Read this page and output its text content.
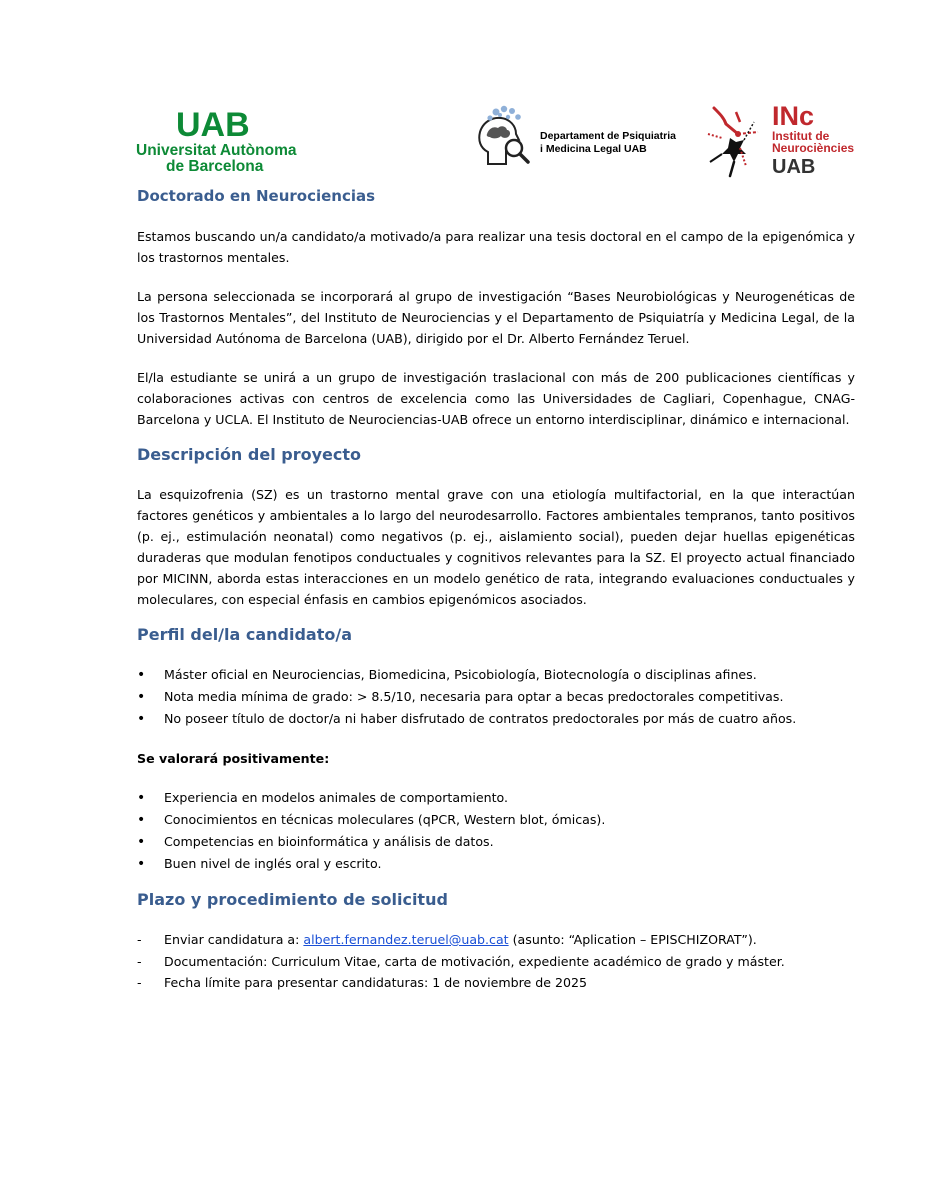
UAB
Universitat Autònoma
de Barcelona
Departament de Psiquiatria
i Medicina Legal UAB
INc
Institut de
Neurociències
UAB
Doctorado en Neurociencias

Estamos buscando un/a candidato/a motivado/a para realizar una tesis doctoral en el campo de la epigenómica y los trastornos mentales.

La persona seleccionada se incorporará al grupo de investigación “Bases Neurobiológicas y Neurogenéticas de los Trastornos Mentales”, del Instituto de Neurociencias y el Departamento de Psiquiatría y Medicina Legal, de la Universidad Autónoma de Barcelona (UAB), dirigido por el Dr. Alberto Fernández Teruel.

El/la estudiante se unirá a un grupo de investigación traslacional con más de 200 publicaciones científicas y colaboraciones activas con centros de excelencia como las Universidades de Cagliari, Copenhague, CNAG-Barcelona y UCLA. El Instituto de Neurociencias-UAB ofrece un entorno interdisciplinar, dinámico e internacional.

Descripción del proyecto

La esquizofrenia (SZ) es un trastorno mental grave con una etiología multifactorial, en la que interactúan factores genéticos y ambientales a lo largo del neurodesarrollo. Factores ambientales tempranos, tanto positivos (p. ej., estimulación neonatal) como negativos (p. ej., aislamiento social), pueden dejar huellas epigenéticas duraderas que modulan fenotipos conductuales y cognitivos relevantes para la SZ. El proyecto actual financiado por MICINN, aborda estas interacciones en un modelo genético de rata, integrando evaluaciones conductuales y moleculares, con especial énfasis en cambios epigenómicos asociados.

Perfil del/la candidato/a
• Máster oficial en Neurociencias, Biomedicina, Psicobiología, Biotecnología o disciplinas afines.
• Nota media mínima de grado: > 8.5/10, necesaria para optar a becas predoctorales competitivas.
• No poseer título de doctor/a ni haber disfrutado de contratos predoctorales por más de cuatro años.

Se valorará positivamente:

• Experiencia en modelos animales de comportamiento.
• Conocimientos en técnicas moleculares (qPCR, Western blot, ómicas).
• Competencias en bioinformática y análisis de datos.
• Buen nivel de inglés oral y escrito.
Plazo y procedimiento de solicitud
- Enviar candidatura a: albert.fernandez.teruel@uab.cat (asunto: “Aplication – EPISCHIZORAT”).
- Documentación: Curriculum Vitae, carta de motivación, expediente académico de grado y máster.
- Fecha límite para presentar candidaturas: 1 de noviembre de 2025
